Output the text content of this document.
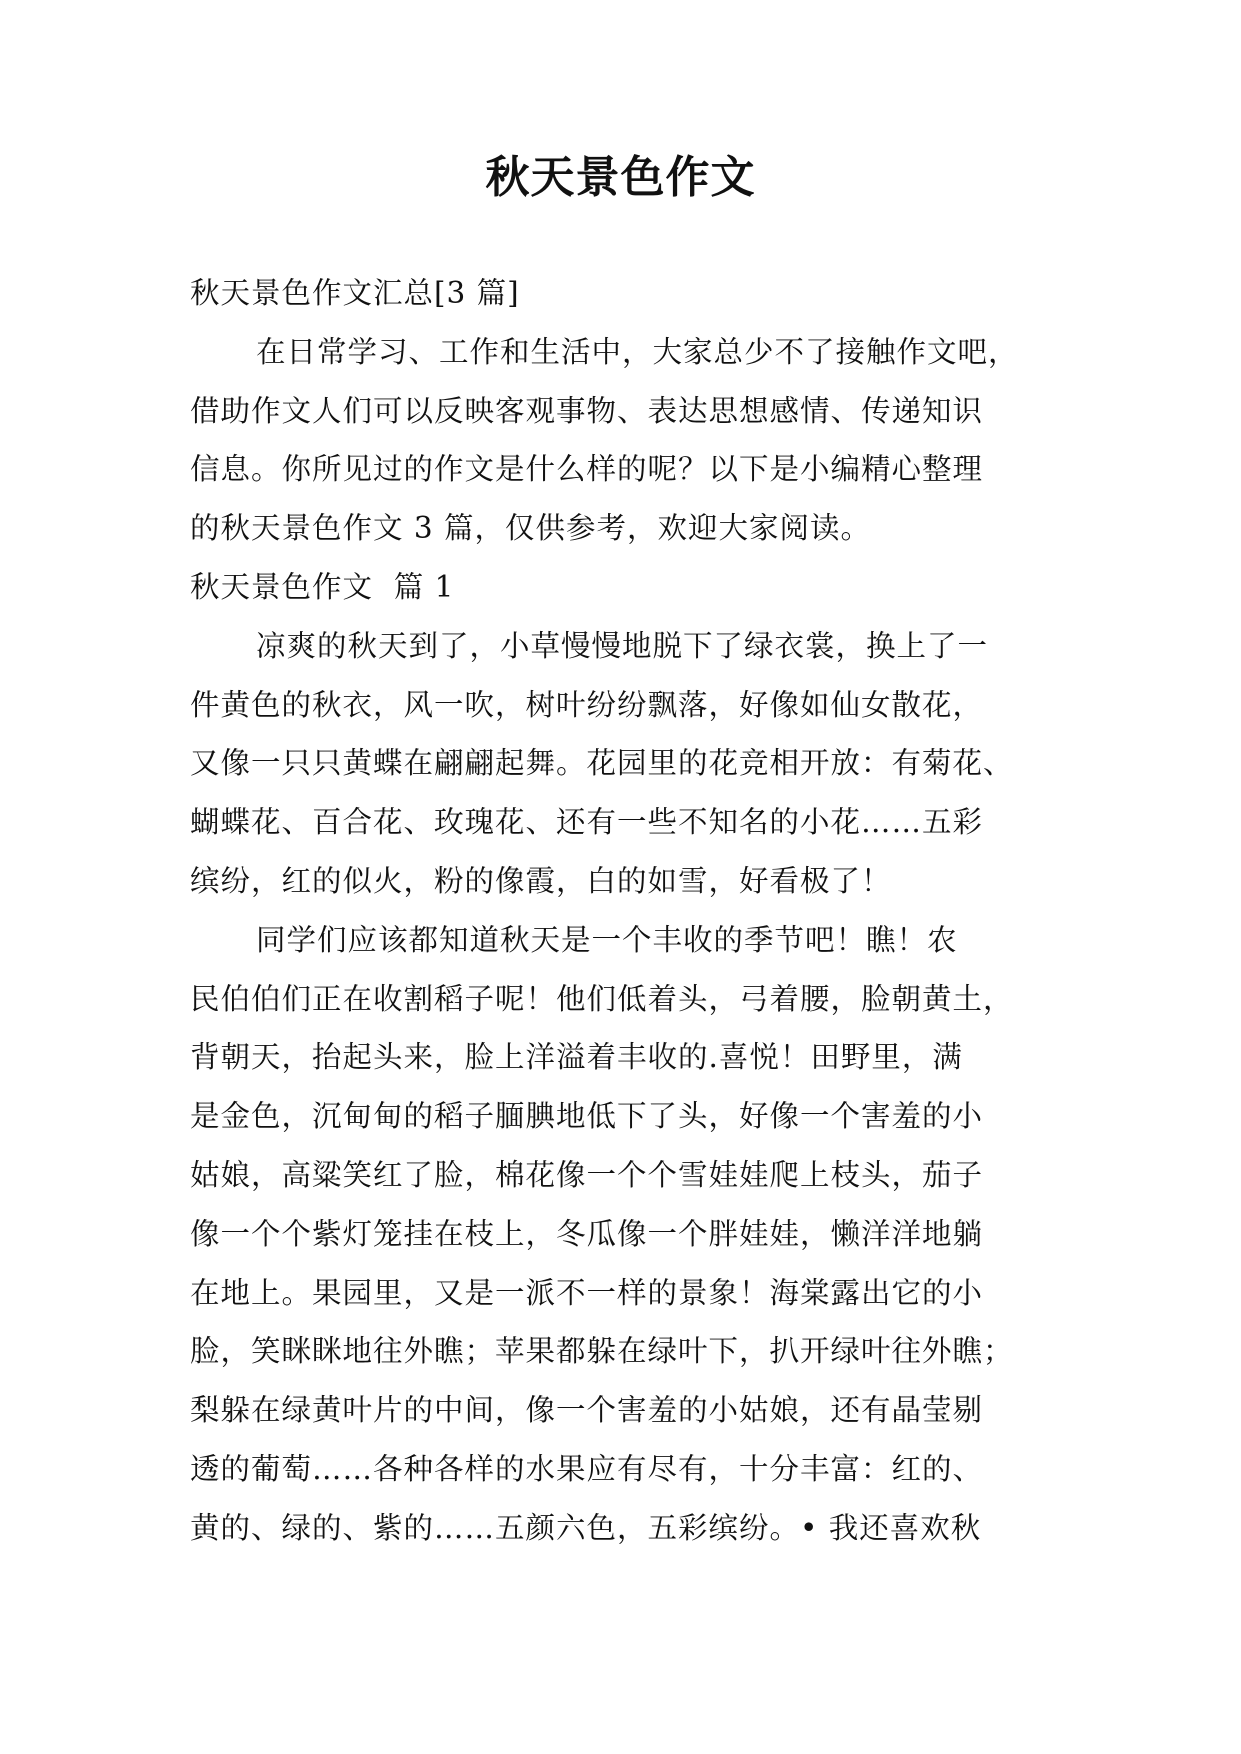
秋天景色作文
秋天景色作文汇总[3 篇]
在日常学习、工作和生活中，大家总少不了接触作文吧，
借助作文人们可以反映客观事物、表达思想感情、传递知识
信息。你所见过的作文是什么样的呢？以下是小编精心整理
的秋天景色作文 3 篇，仅供参考，欢迎大家阅读。
秋天景色作文  篇 1
凉爽的秋天到了，小草慢慢地脱下了绿衣裳，换上了一
件黄色的秋衣，风一吹，树叶纷纷飘落，好像如仙女散花，
又像一只只黄蝶在翩翩起舞。花园里的花竞相开放：有菊花、
蝴蝶花、百合花、玫瑰花、还有一些不知名的小花……五彩
缤纷，红的似火，粉的像霞，白的如雪，好看极了！
同学们应该都知道秋天是一个丰收的季节吧！瞧！农
民伯伯们正在收割稻子呢！他们低着头，弓着腰，脸朝黄土，
背朝天，抬起头来，脸上洋溢着丰收的.喜悦！田野里，满
是金色，沉甸甸的稻子腼腆地低下了头，好像一个害羞的小
姑娘，高粱笑红了脸，棉花像一个个雪娃娃爬上枝头，茄子
像一个个紫灯笼挂在枝上，冬瓜像一个胖娃娃，懒洋洋地躺
在地上。果园里，又是一派不一样的景象！海棠露出它的小
脸，笑眯眯地往外瞧；苹果都躲在绿叶下，扒开绿叶往外瞧；
梨躲在绿黄叶片的中间，像一个害羞的小姑娘，还有晶莹剔
透的葡萄……各种各样的水果应有尽有，十分丰富：红的、
黄的、绿的、紫的……五颜六色，五彩缤纷。• 我还喜欢秋
